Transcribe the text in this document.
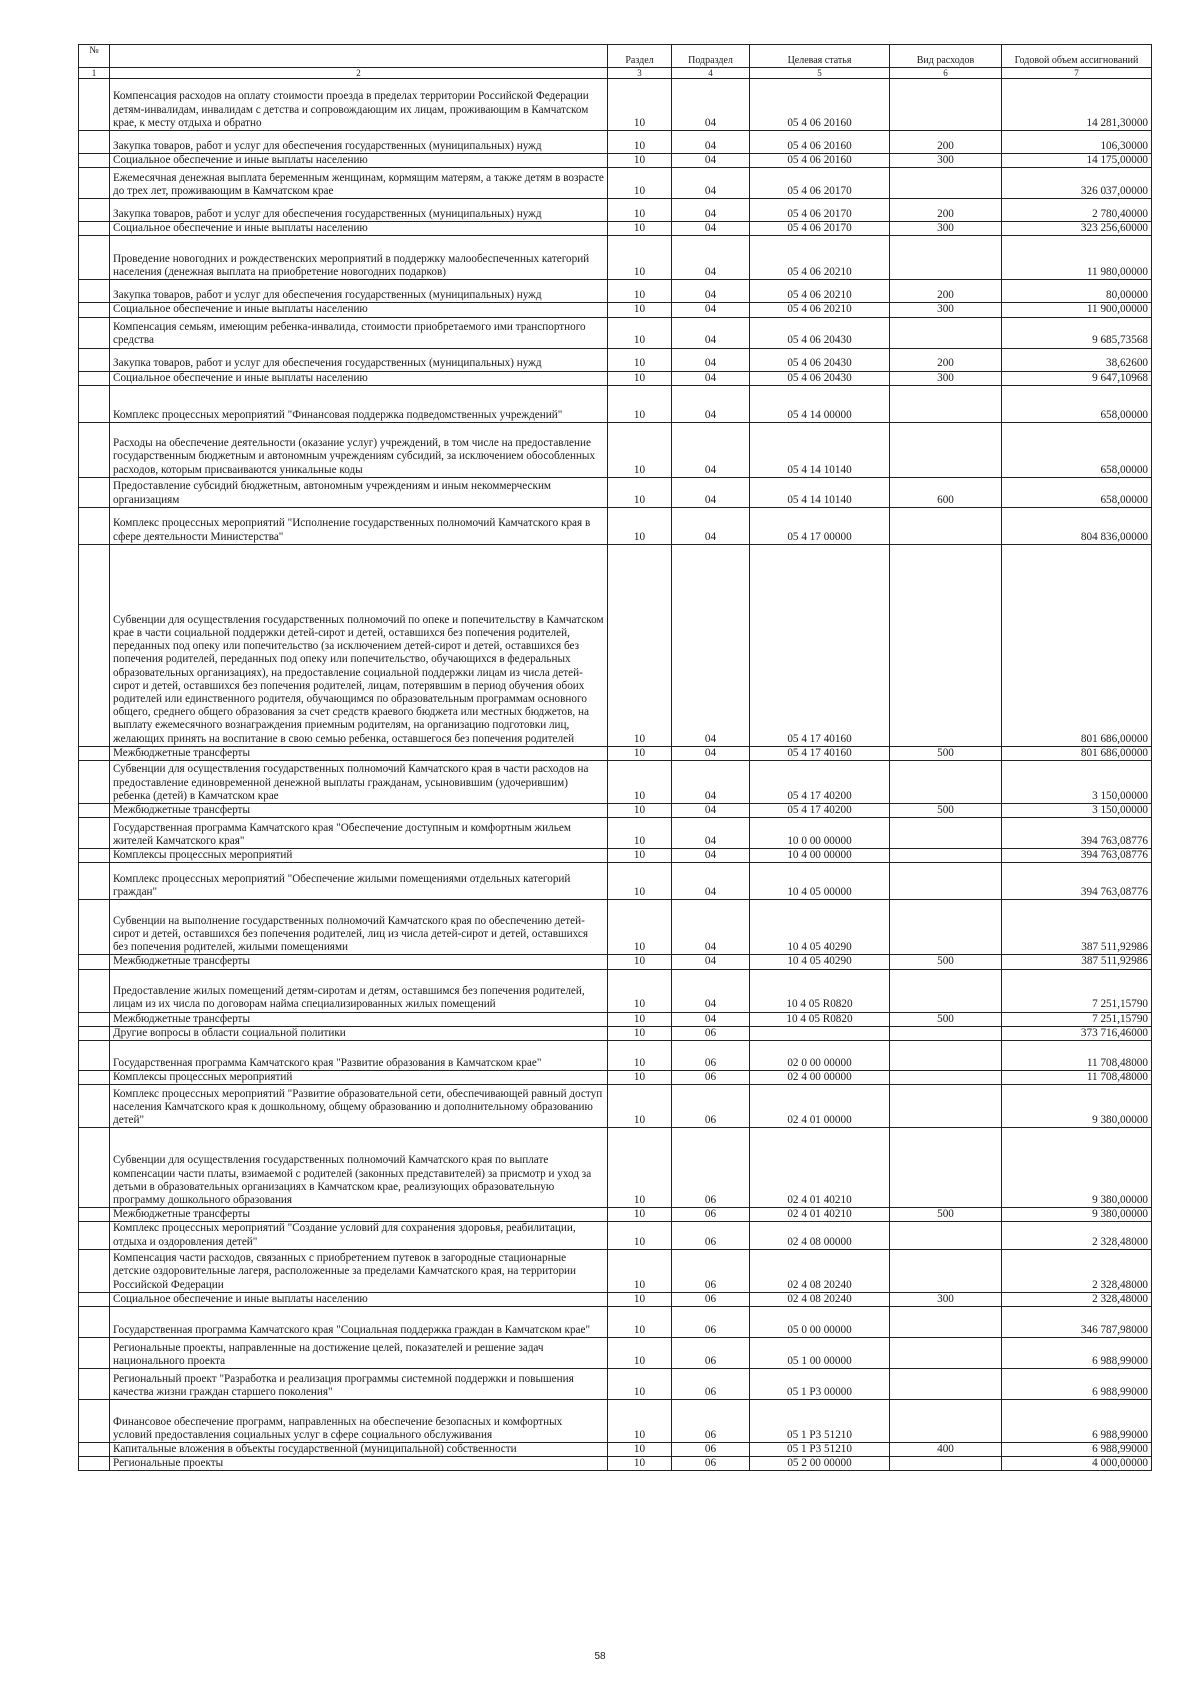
№		Раздел	Подраздел	Целевая статья	Вид расходов	Годовой объем ассигнований
1	2	3	4	5	6	7
	Компенсация расходов на оплату стоимости проезда в пределах территории Российской Федерации детям-инвалидам, инвалидам с детства и сопровождающим их лицам, проживающим в Камчатском крае, к месту отдыха и обратно	10	04	05 4 06 20160		14 281,30000
	Закупка товаров, работ и услуг для обеспечения государственных (муниципальных) нужд	10	04	05 4 06 20160	200	106,30000
	Социальное обеспечение и иные выплаты населению	10	04	05 4 06 20160	300	14 175,00000
	Ежемесячная денежная выплата беременным женщинам, кормящим матерям, а также детям в возрасте до трех лет, проживающим в Камчатском крае	10	04	05 4 06 20170		326 037,00000
	Закупка товаров, работ и услуг для обеспечения государственных (муниципальных) нужд	10	04	05 4 06 20170	200	2 780,40000
	Социальное обеспечение и иные выплаты населению	10	04	05 4 06 20170	300	323 256,60000
	Проведение новогодних и рождественских мероприятий в поддержку малообеспеченных категорий населения (денежная выплата на приобретение новогодних подарков)	10	04	05 4 06 20210		11 980,00000
	Закупка товаров, работ и услуг для обеспечения государственных (муниципальных) нужд	10	04	05 4 06 20210	200	80,00000
	Социальное обеспечение и иные выплаты населению	10	04	05 4 06 20210	300	11 900,00000
	Компенсация семьям, имеющим ребенка-инвалида, стоимости приобретаемого ими транспортного средства	10	04	05 4 06 20430		9 685,73568
	Закупка товаров, работ и услуг для обеспечения государственных (муниципальных) нужд	10	04	05 4 06 20430	200	38,62600
	Социальное обеспечение и иные выплаты населению	10	04	05 4 06 20430	300	9 647,10968
	Комплекс процессных мероприятий "Финансовая поддержка подведомственных учреждений"	10	04	05 4 14 00000		658,00000
	Расходы на обеспечение деятельности (оказание услуг) учреждений, в том числе на предоставление государственным бюджетным и автономным учреждениям субсидий, за исключением обособленных расходов, которым присваиваются уникальные коды	10	04	05 4 14 10140		658,00000
	Предоставление субсидий бюджетным, автономным учреждениям и иным некоммерческим организациям	10	04	05 4 14 10140	600	658,00000
	Комплекс процессных мероприятий "Исполнение государственных полномочий Камчатского края в сфере деятельности Министерства"	10	04	05 4 17 00000		804 836,00000
	Субвенции для осуществления государственных полномочий по опеке и попечительству в Камчатском крае в части социальной поддержки детей-сирот и детей, оставшихся без попечения родителей, переданных под опеку или попечительство (за исключением детей-сирот и детей, оставшихся без попечения родителей, переданных под опеку или попечительство, обучающихся в федеральных образовательных организациях), на предоставление социальной поддержки лицам из числа детей-сирот и детей, оставшихся без попечения родителей, лицам, потерявшим в период обучения обоих родителей или единственного родителя, обучающимся по образовательным программам основного общего, среднего общего образования за счет средств краевого бюджета или местных бюджетов, на выплату ежемесячного вознаграждения приемным родителям, на организацию подготовки лиц, желающих принять на воспитание в свою семью ребенка, оставшегося без попечения родителей	10	04	05 4 17 40160		801 686,00000
	Межбюджетные трансферты	10	04	05 4 17 40160	500	801 686,00000
	Субвенции для осуществления государственных полномочий Камчатского края в части расходов на предоставление единовременной денежной выплаты гражданам, усыновившим (удочерившим) ребенка (детей) в Камчатском крае	10	04	05 4 17 40200		3 150,00000
	Межбюджетные трансферты	10	04	05 4 17 40200	500	3 150,00000
	Государственная программа Камчатского края "Обеспечение доступным и комфортным жильем жителей Камчатского края"	10	04	10 0 00 00000		394 763,08776
	Комплексы процессных мероприятий	10	04	10 4 00 00000		394 763,08776
	Комплекс процессных мероприятий "Обеспечение жилыми помещениями отдельных категорий граждан"	10	04	10 4 05 00000		394 763,08776
	Субвенции на выполнение государственных полномочий Камчатского края по обеспечению детей-сирот и детей, оставшихся без попечения родителей, лиц из числа детей-сирот и детей, оставшихся без попечения родителей, жилыми помещениями	10	04	10 4 05 40290		387 511,92986
	Межбюджетные трансферты	10	04	10 4 05 40290	500	387 511,92986
	Предоставление жилых помещений детям-сиротам и детям, оставшимся без попечения родителей, лицам из их числа по договорам найма специализированных жилых помещений	10	04	10 4 05 R0820		7 251,15790
	Межбюджетные трансферты	10	04	10 4 05 R0820	500	7 251,15790
	Другие вопросы в области социальной политики	10	06			373 716,46000
	Государственная программа Камчатского края "Развитие образования в Камчатском крае"	10	06	02 0 00 00000		11 708,48000
	Комплексы процессных мероприятий	10	06	02 4 00 00000		11 708,48000
	Комплекс процессных мероприятий "Развитие образовательной сети, обеспечивающей равный доступ населения Камчатского края к дошкольному, общему образованию и дополнительному образованию детей"	10	06	02 4 01 00000		9 380,00000
	Субвенции для осуществления государственных полномочий Камчатского края по выплате компенсации части платы, взимаемой с родителей (законных представителей) за присмотр и уход за детьми в образовательных организациях в Камчатском крае, реализующих образовательную программу дошкольного образования	10	06	02 4 01 40210		9 380,00000
	Межбюджетные трансферты	10	06	02 4 01 40210	500	9 380,00000
	Комплекс процессных мероприятий "Создание условий для сохранения здоровья, реабилитации, отдыха и оздоровления детей"	10	06	02 4 08 00000		2 328,48000
	Компенсация части расходов, связанных с приобретением путевок в загородные стационарные детские оздоровительные лагеря, расположенные за пределами Камчатского края, на территории Российской Федерации	10	06	02 4 08 20240		2 328,48000
	Социальное обеспечение и иные выплаты населению	10	06	02 4 08 20240	300	2 328,48000
	Государственная программа Камчатского края "Социальная поддержка граждан в Камчатском крае"	10	06	05 0 00 00000		346 787,98000
	Региональные проекты, направленные на достижение целей, показателей и решение задач национального проекта	10	06	05 1 00 00000		6 988,99000
	Региональный проект "Разработка и реализация программы системной поддержки и повышения качества жизни граждан старшего поколения"	10	06	05 1 P3 00000		6 988,99000
	Финансовое обеспечение программ, направленных на обеспечение безопасных и комфортных условий предоставления социальных услуг в сфере социального обслуживания	10	06	05 1 P3 51210		6 988,99000
	Капитальные вложения в объекты государственной (муниципальной) собственности	10	06	05 1 P3 51210	400	6 988,99000
	Региональные проекты	10	06	05 2 00 00000		4 000,00000
58
